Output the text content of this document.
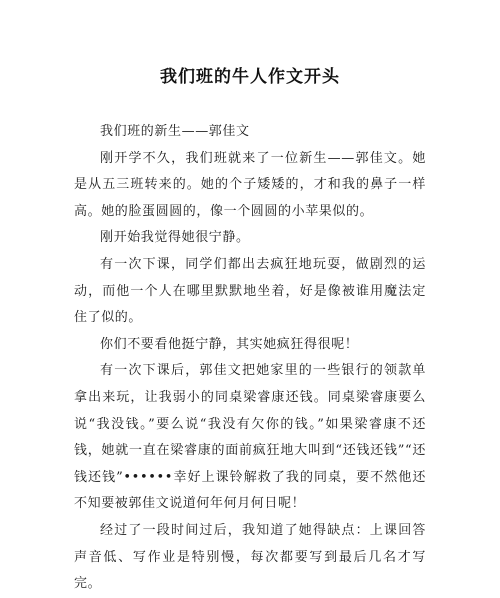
我们班的牛人作文开头

我们班的新生——郭佳文

刚开学不久，我们班就来了一位新生——郭佳文。她是从五三班转来的。她的个子矮矮的，才和我的鼻子一样高。她的脸蛋圆圆的，像一个圆圆的小苹果似的。

刚开始我觉得她很宁静。

有一次下课，同学们都出去疯狂地玩耍，做剧烈的运动，而他一个人在哪里默默地坐着，好是像被谁用魔法定住了似的。

你们不要看他挺宁静，其实她疯狂得很呢！

有一次下课后，郭佳文把她家里的一些银行的领款单拿出来玩，让我弱小的同桌梁睿康还钱。同桌梁睿康要么说“我没钱。”要么说“我没有欠你的钱。”如果梁睿康不还钱，她就一直在梁睿康的面前疯狂地大叫到“还钱还钱”“还钱还钱”••••••幸好上课铃解救了我的同桌，要不然他还不知要被郭佳文说道何年何月何日呢！

经过了一段时间过后，我知道了她得缺点：上课回答声音低、写作业是特别慢，每次都要写到最后几名才写完。
